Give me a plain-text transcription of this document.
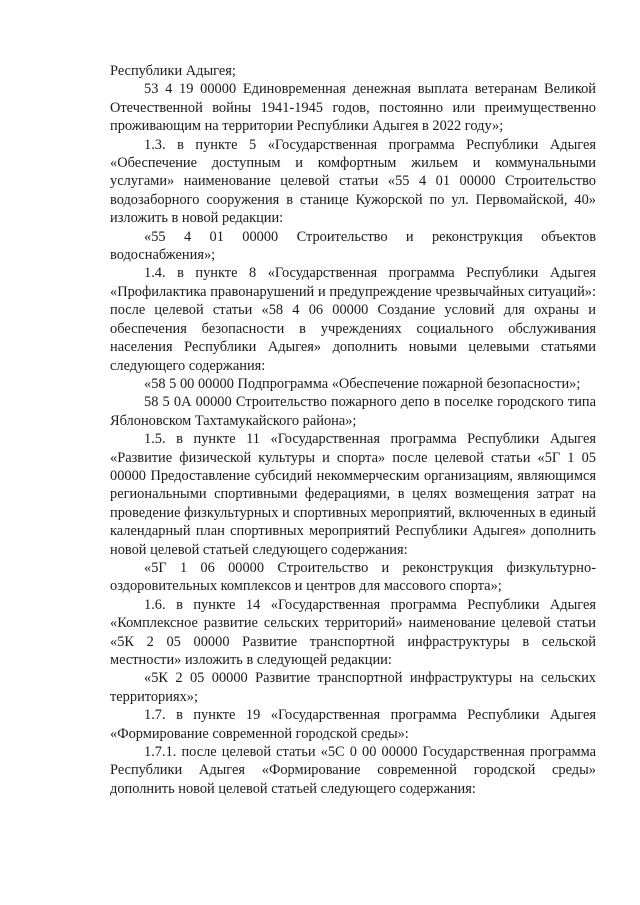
Республики Адыгея;

53 4 19 00000 Единовременная денежная выплата ветеранам Великой Отечественной войны 1941-1945 годов, постоянно или преимущественно проживающим на территории Республики Адыгея в 2022 году»;

1.3. в пункте 5 «Государственная программа Республики Адыгея «Обеспечение доступным и комфортным жильем и коммунальными услугами» наименование целевой статьи «55 4 01 00000 Строительство водозаборного сооружения в станице Кужорской по ул. Первомайской, 40» изложить в новой редакции:

«55 4 01 00000 Строительство и реконструкция объектов водоснабжения»;

1.4. в пункте 8 «Государственная программа Республики Адыгея «Профилактика правонарушений и предупреждение чрезвычайных ситуаций»: после целевой статьи «58 4 06 00000 Создание условий для охраны и обеспечения безопасности в учреждениях социального обслуживания населения Республики Адыгея» дополнить новыми целевыми статьями следующего содержания:

«58 5 00 00000 Подпрограмма «Обеспечение пожарной безопасности»;

58 5 0А 00000 Строительство пожарного депо в поселке городского типа Яблоновском Тахтамукайского района»;

1.5. в пункте 11 «Государственная программа Республики Адыгея «Развитие физической культуры и спорта» после целевой статьи «5Г 1 05 00000 Предоставление субсидий некоммерческим организациям, являющимся региональными спортивными федерациями, в целях возмещения затрат на проведение физкультурных и спортивных мероприятий, включенных в единый календарный план спортивных мероприятий Республики Адыгея» дополнить новой целевой статьей следующего содержания:

«5Г 1 06 00000 Строительство и реконструкция физкультурно-оздоровительных комплексов и центров для массового спорта»;

1.6. в пункте 14 «Государственная программа Республики Адыгея «Комплексное развитие сельских территорий» наименование целевой статьи «5К 2 05 00000 Развитие транспортной инфраструктуры в сельской местности» изложить в следующей редакции:

«5К 2 05 00000 Развитие транспортной инфраструктуры на сельских территориях»;

1.7. в пункте 19 «Государственная программа Республики Адыгея «Формирование современной городской среды»:

1.7.1. после целевой статьи «5С 0 00 00000 Государственная программа Республики Адыгея «Формирование современной городской среды» дополнить новой целевой статьей следующего содержания:
